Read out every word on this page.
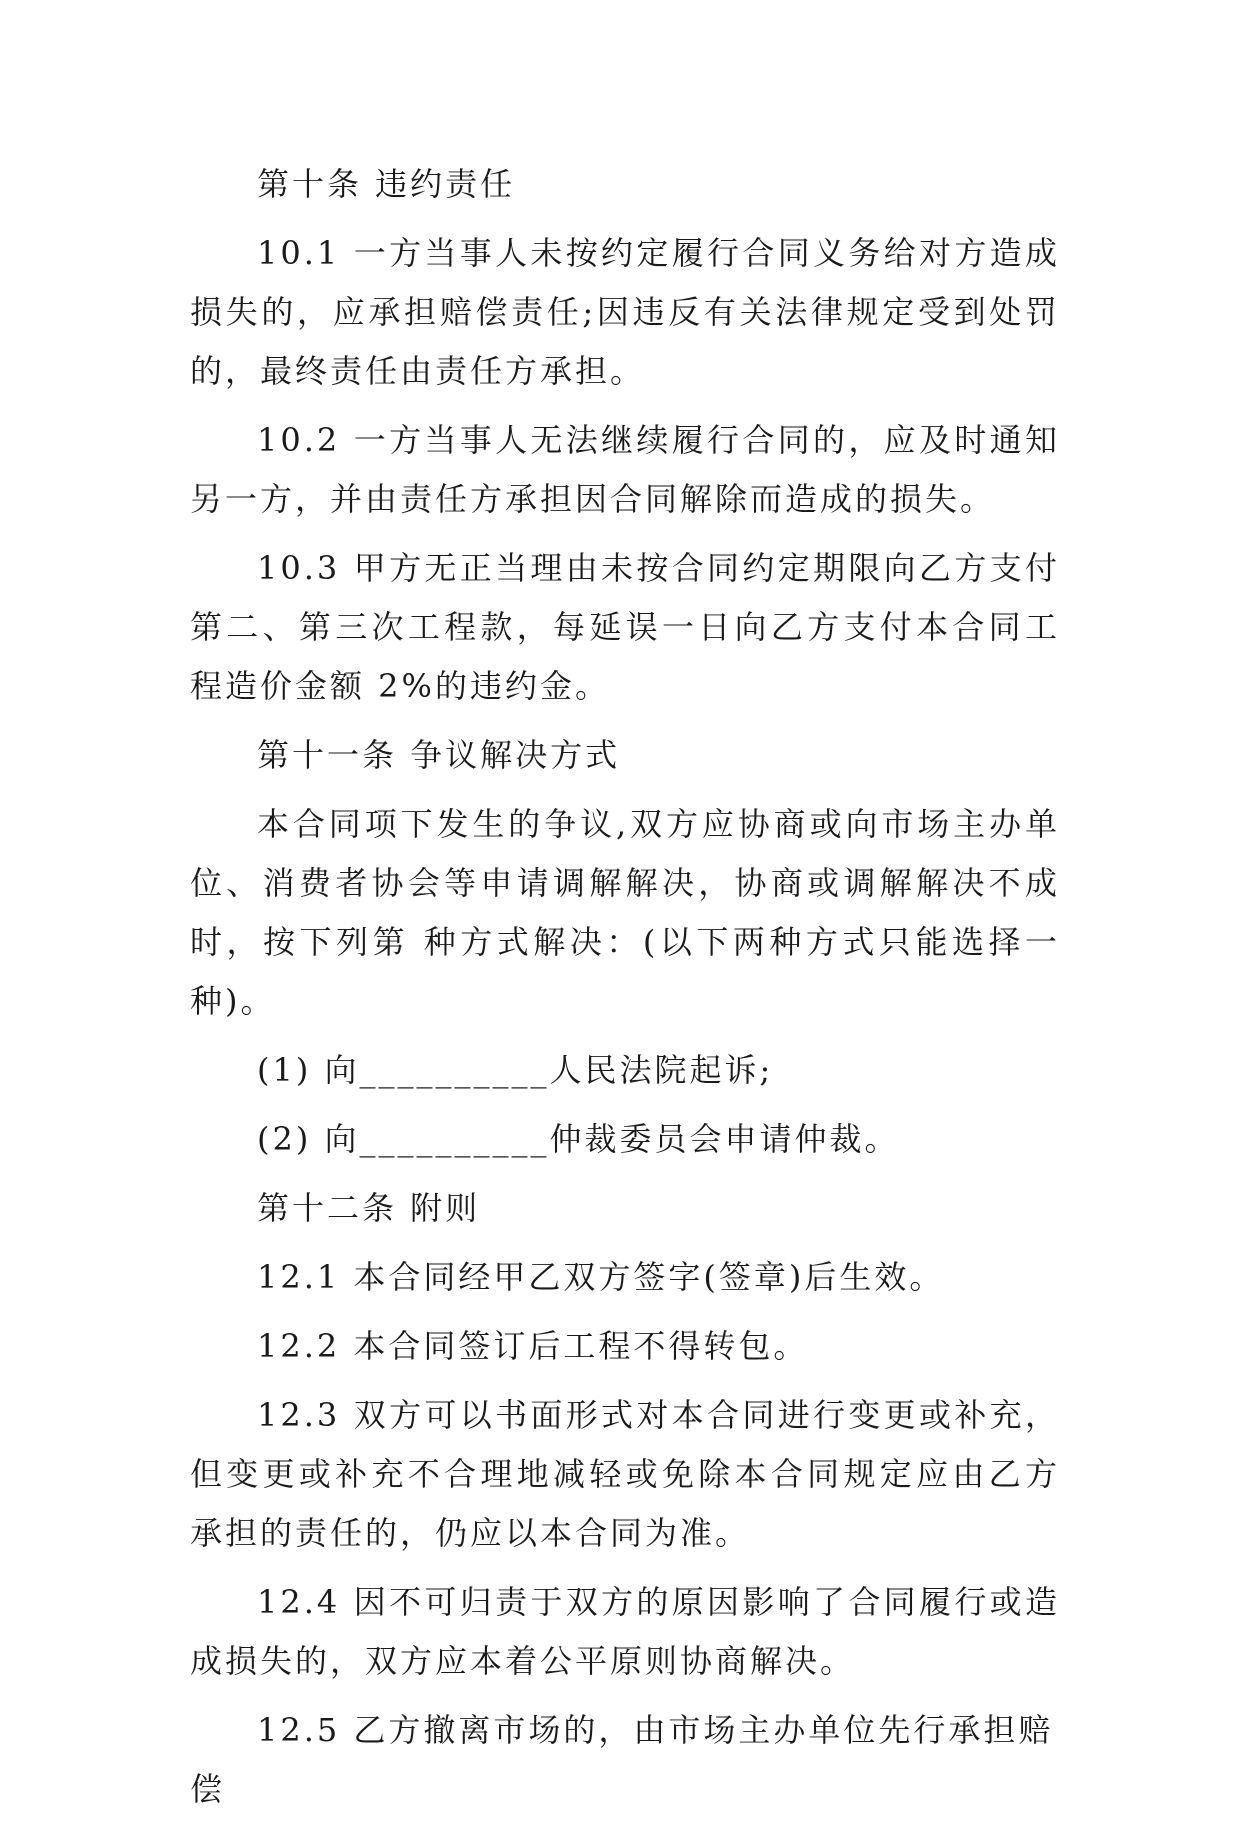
第十条 违约责任

10.1 一方当事人未按约定履行合同义务给对方造成损失的，应承担赔偿责任;因违反有关法律规定受到处罚的，最终责任由责任方承担。

10.2 一方当事人无法继续履行合同的，应及时通知另一方，并由责任方承担因合同解除而造成的损失。

10.3 甲方无正当理由未按合同约定期限向乙方支付第二、第三次工程款，每延误一日向乙方支付本合同工程造价金额 2%的违约金。

第十一条 争议解决方式

本合同项下发生的争议,双方应协商或向市场主办单位、消费者协会等申请调解解决，协商或调解解决不成时，按下列第 种方式解决：(以下两种方式只能选择一种)。

(1) 向__________人民法院起诉;

(2) 向__________仲裁委员会申请仲裁。

第十二条 附则

12.1 本合同经甲乙双方签字(签章)后生效。

12.2 本合同签订后工程不得转包。

12.3 双方可以书面形式对本合同进行变更或补充，但变更或补充不合理地减轻或免除本合同规定应由乙方承担的责任的，仍应以本合同为准。

12.4 因不可归责于双方的原因影响了合同履行或造成损失的，双方应本着公平原则协商解决。

12.5 乙方撤离市场的，由市场主办单位先行承担赔偿
